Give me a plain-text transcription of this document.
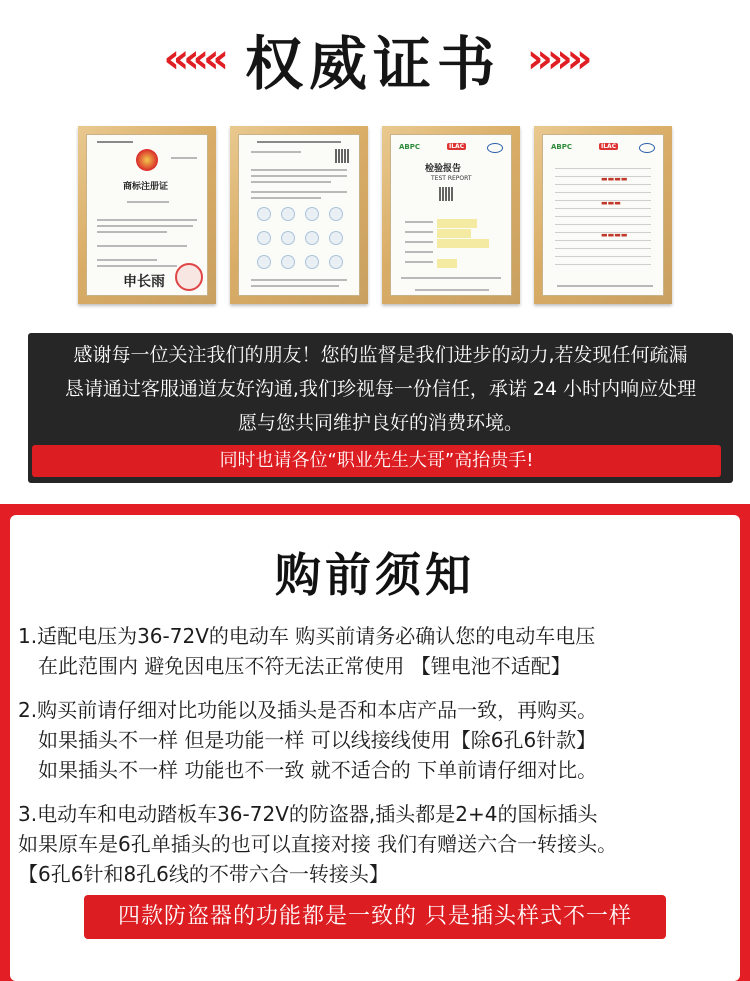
««« 权威证书 »»»
商标注册证
申长雨
ABPC	ILAC
检验报告
TEST REPORT
ABPC	ILAC
▬▬▬▬
▬▬▬
▬▬▬▬

感谢每一位关注我们的朋友！您的监督是我们进步的动力,若发现任何疏漏

恳请通过客服通道友好沟通,我们珍视每一份信任，承诺 24 小时内响应处理

愿与您共同维护良好的消费环境。

同时也请各位“职业先生大哥”高抬贵手!
购前须知
1.适配电压为36-72V的电动车 购买前请务必确认您的电动车电压
在此范围内 避免因电压不符无法正常使用 【锂电池不适配】
2.购买前请仔细对比功能以及插头是否和本店产品一致，再购买。
如果插头不一样 但是功能一样 可以线接线使用【除6孔6针款】
如果插头不一样 功能也不一致 就不适合的 下单前请仔细对比。
3.电动车和电动踏板车36-72V的防盗器,插头都是2+4的国标插头
如果原车是6孔单插头的也可以直接对接 我们有赠送六合一转接头。
【6孔6针和8孔6线的不带六合一转接头】
四款防盗器的功能都是一致的 只是插头样式不一样
